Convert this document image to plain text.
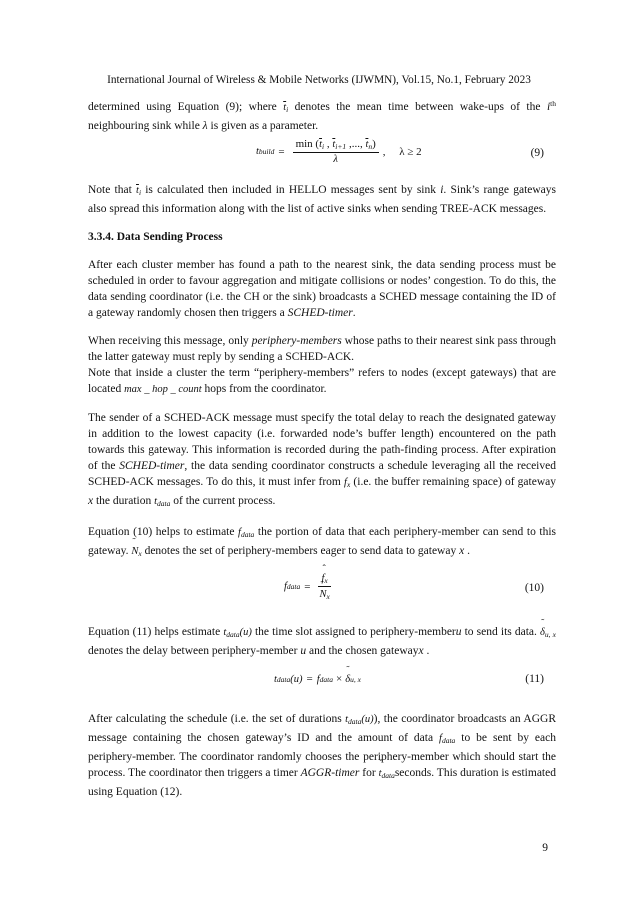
International Journal of Wireless & Mobile Networks (IJWMN), Vol.15, No.1, February 2023

determined using Equation (9); where $\overline{t}_i$ denotes the mean time between wake-ups of the $i^{th}$ neighbouring sink while λ is given as a parameter.

t build = $\frac{\min (\overline{t}_i , \overline{t}_{i+1} ,..., \overline{t}_n)}{\lambda}$ ,     λ ≥ 2	(9)

Note that $\overline{t}_i$ is calculated then included in HELLO messages sent by sink i. Sink’s range gateways also spread this information along with the list of active sinks when sending TREE-ACK messages.

3.3.4. Data Sending Process

After each cluster member has found a path to the nearest sink, the data sending process must be scheduled in order to favour aggregation and mitigate collisions or nodes’ congestion. To do this, the data sending coordinator (i.e. the CH or the sink) broadcasts a SCHED message containing the ID of a gateway randomly chosen then triggers a SCHED-timer.

When receiving this message, only periphery-members whose paths to their nearest sink pass through the latter gateway must reply by sending a SCHED-ACK.

Note that inside a cluster the term “periphery-members” refers to nodes (except gateways) that are located max _ hop _ count hops from the coordinator.

The sender of a SCHED-ACK message must specify the total delay to reach the designated gateway in addition to the lowest capacity (i.e. forwarded node’s buffer length) encountered on the path towards this gateway. This information is recorded during the path-finding process. After expiration of the SCHED-timer, the data sending coordinator constructs a schedule leveraging all the received SCHED-ACK messages. To do this, it must infer from ˆ $f_x$ (i.e. the buffer remaining space) of gateway x the duration $t_{data}$ of the current process.

Equation (10) helps to estimate $f_{data}$ the portion of data that each periphery-member can send to this gateway. ˜ $N_x$ denotes the set of periphery-members eager to send data to gateway x .

f data = ˆ $f_x$
˜ $N_x$	(10)

Equation (11) helps estimate $t_{data}(u)$ the time slot assigned to periphery-memberu to send its data. ˜ $\delta_{u, x}$ denotes the delay between periphery-member u and the chosen gatewayx .

t data (u) = f data × ˜ δ u, x	(11)

After calculating the schedule (i.e. the set of durations $t_{data}(u)$), the coordinator broadcasts an AGGR message containing the chosen gateway’s ID and the amount of data $f_{data}$ to be sent by each periphery-member. The coordinator randomly chooses the periphery-member which should start the process. The coordinator then triggers a timer AGGR-timer for ˆ $t_{data}seconds$. This duration is estimated using Equation (12).

9
